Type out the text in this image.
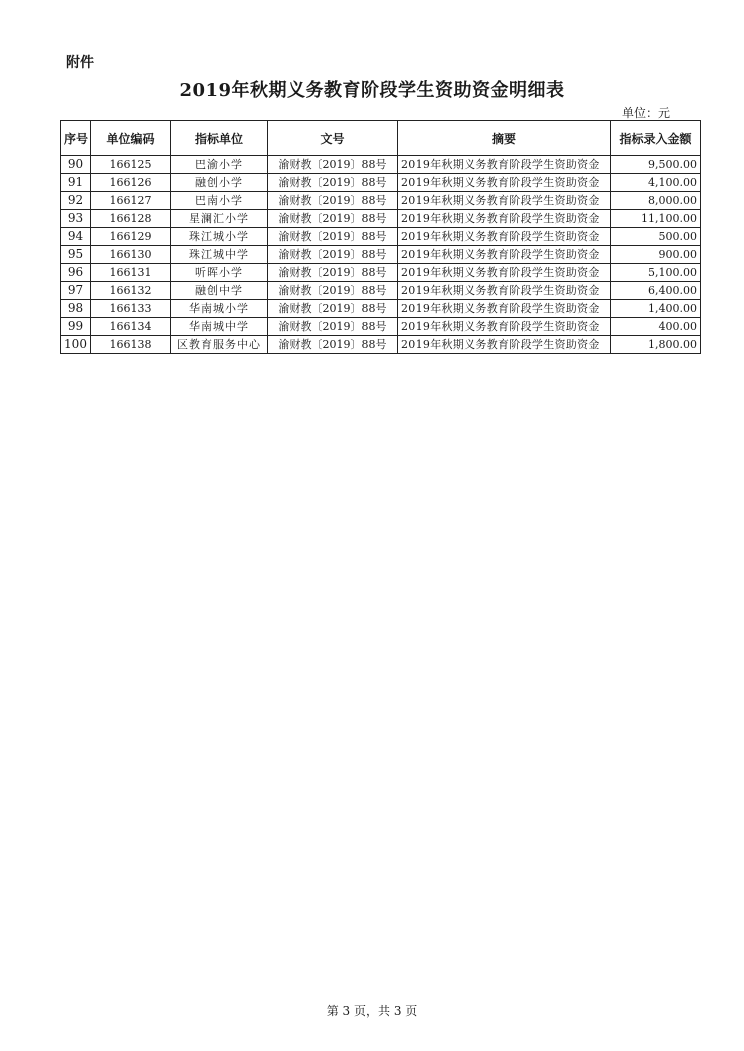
附件
2019年秋期义务教育阶段学生资助资金明细表
单位：元
序号	单位编码	指标单位	文号	摘要	指标录入金额
90	166125	巴渝小学	渝财教〔2019〕88号	2019年秋期义务教育阶段学生资助资金	9,500.00
91	166126	融创小学	渝财教〔2019〕88号	2019年秋期义务教育阶段学生资助资金	4,100.00
92	166127	巴南小学	渝财教〔2019〕88号	2019年秋期义务教育阶段学生资助资金	8,000.00
93	166128	星澜汇小学	渝财教〔2019〕88号	2019年秋期义务教育阶段学生资助资金	11,100.00
94	166129	珠江城小学	渝财教〔2019〕88号	2019年秋期义务教育阶段学生资助资金	500.00
95	166130	珠江城中学	渝财教〔2019〕88号	2019年秋期义务教育阶段学生资助资金	900.00
96	166131	听晖小学	渝财教〔2019〕88号	2019年秋期义务教育阶段学生资助资金	5,100.00
97	166132	融创中学	渝财教〔2019〕88号	2019年秋期义务教育阶段学生资助资金	6,400.00
98	166133	华南城小学	渝财教〔2019〕88号	2019年秋期义务教育阶段学生资助资金	1,400.00
99	166134	华南城中学	渝财教〔2019〕88号	2019年秋期义务教育阶段学生资助资金	400.00
100	166138	区教育服务中心	渝财教〔2019〕88号	2019年秋期义务教育阶段学生资助资金	1,800.00
第 3 页，共 3 页
